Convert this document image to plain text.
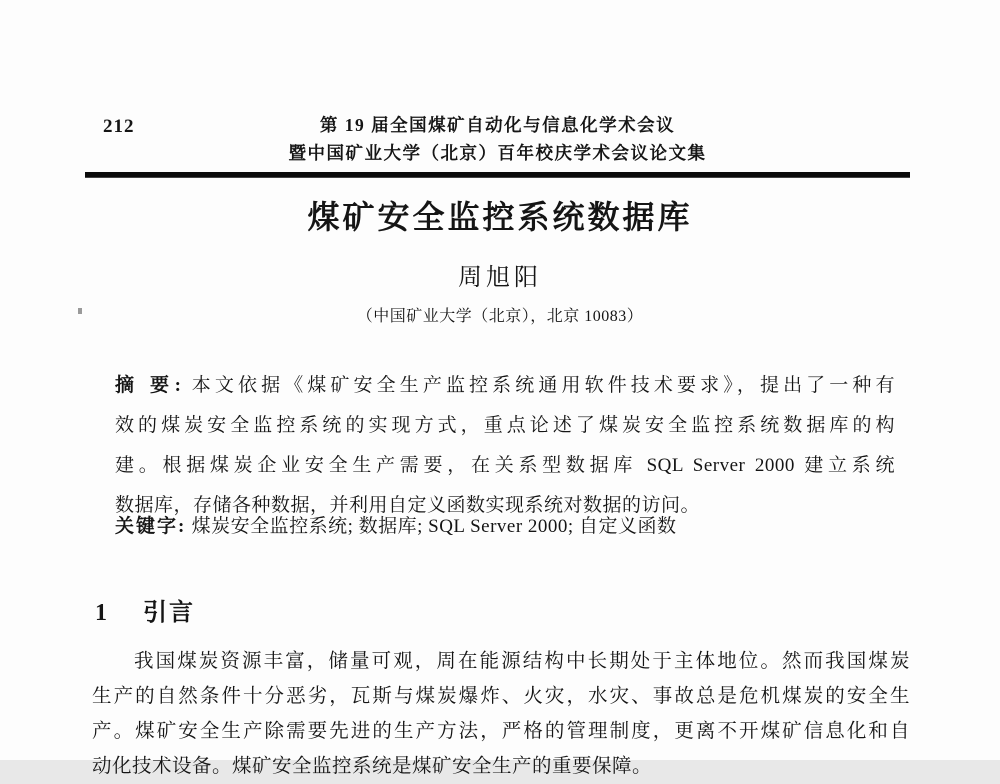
212	第 19 届全国煤矿自动化与信息化学术会议
暨中国矿业大学（北京）百年校庆学术会议论文集
煤矿安全监控系统数据库
周旭阳
（中国矿业大学（北京），北京 10083）
摘 要: 本文依据《煤矿安全生产监控系统通用软件技术要求》，提出了一种有
效的煤炭安全监控系统的实现方式，重点论述了煤炭安全监控系统数据库的构
建。根据煤炭企业安全生产需要，在关系型数据库 SQL Server 2000 建立系统
数据库，存储各种数据，并利用自定义函数实现系统对数据的访问。
关键字: 煤炭安全监控系统; 数据库; SQL Server 2000; 自定义函数
1 引言
我国煤炭资源丰富，储量可观，周在能源结构中长期处于主体地位。然而我国煤炭
生产的自然条件十分恶劣，瓦斯与煤炭爆炸、火灾，水灾、事故总是危机煤炭的安全生
产。煤矿安全生产除需要先进的生产方法，严格的管理制度，更离不开煤矿信息化和自
动化技术设备。煤矿安全监控系统是煤矿安全生产的重要保障。
